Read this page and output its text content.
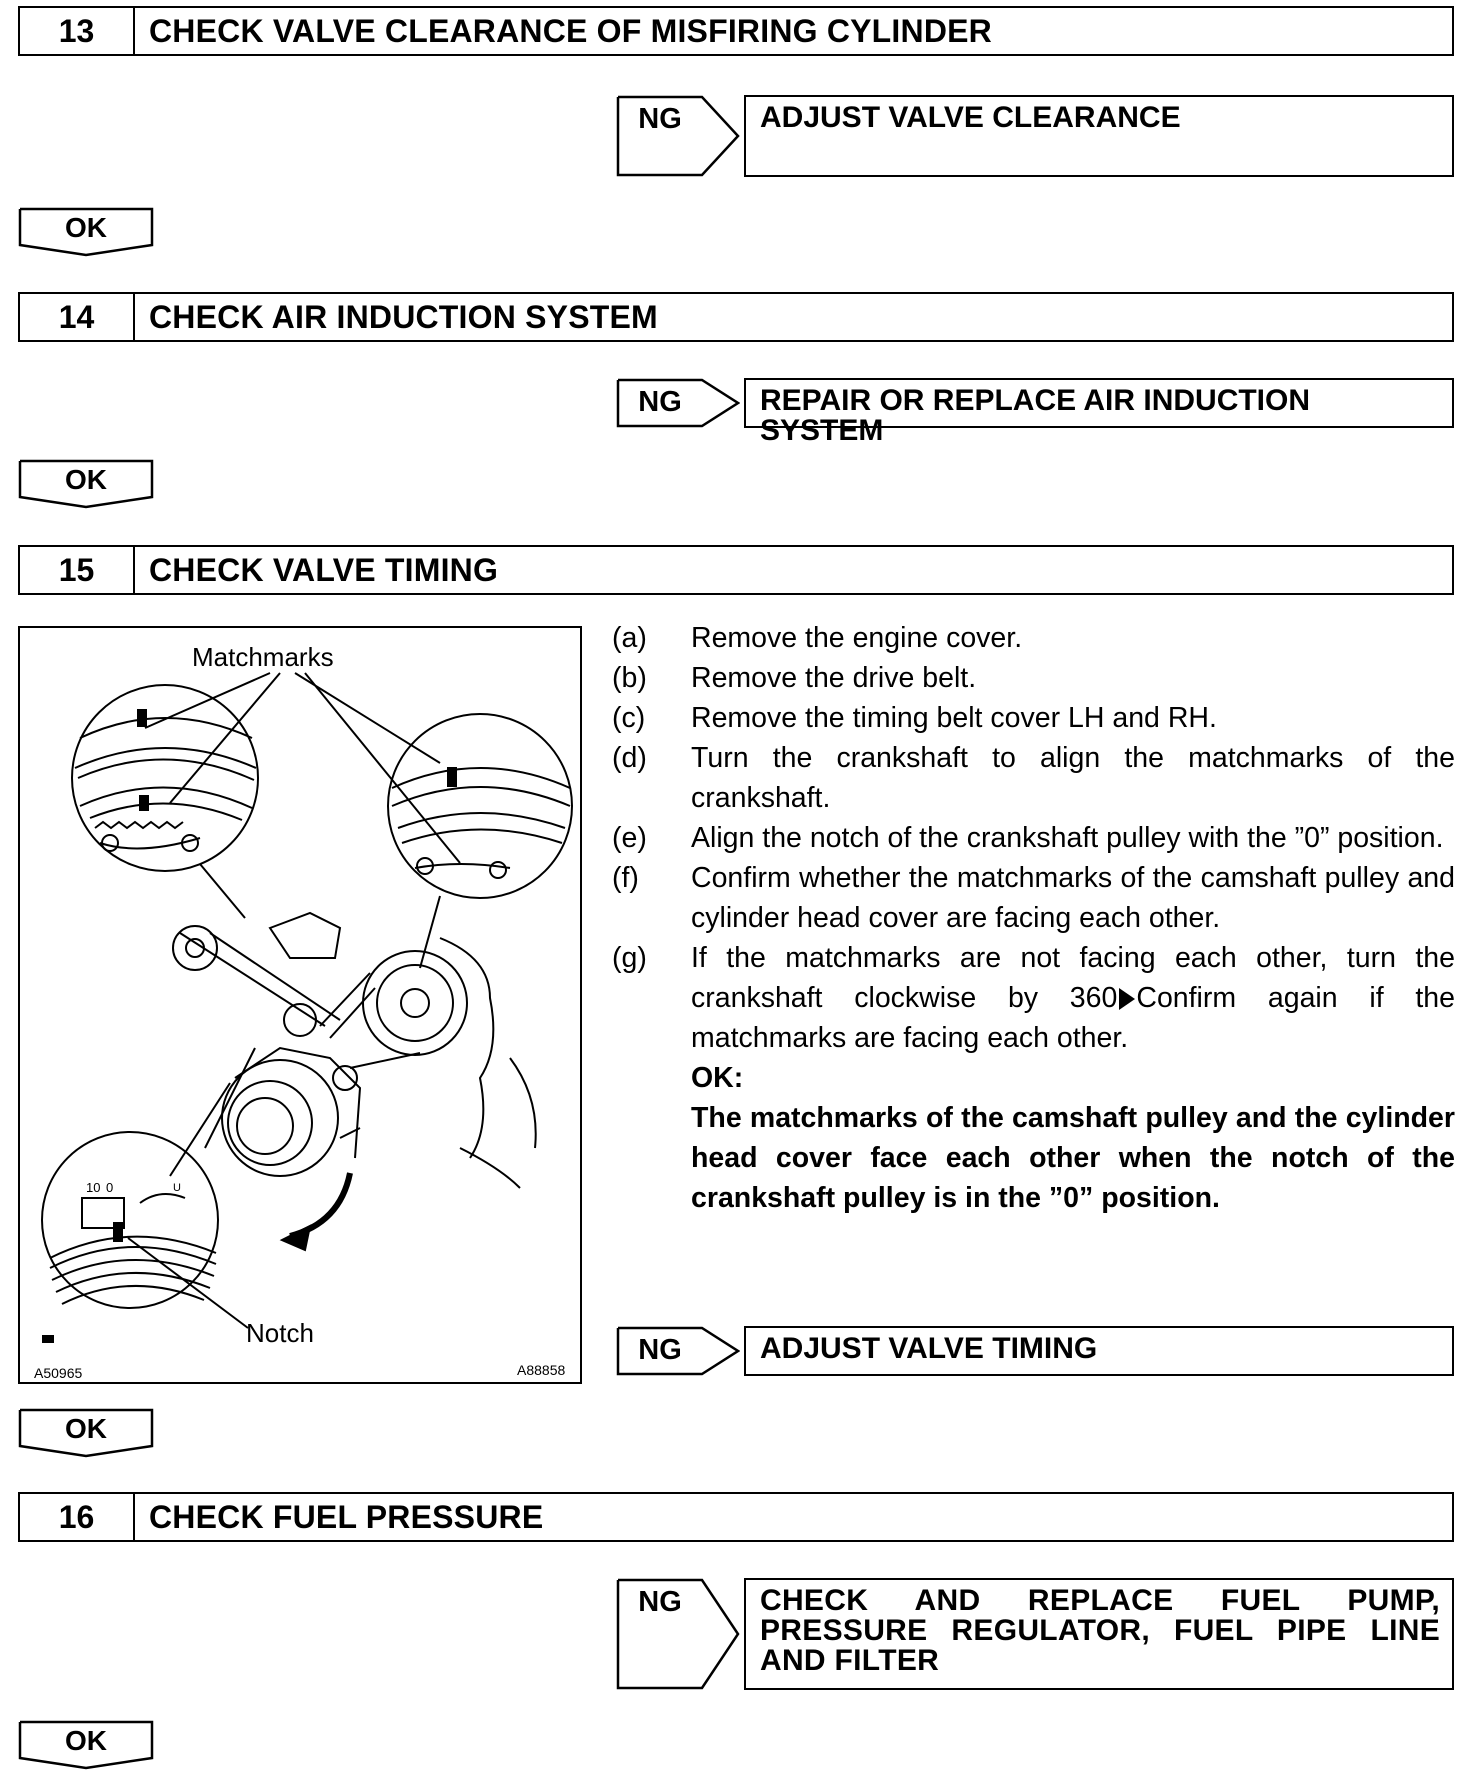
13	CHECK VALVE CLEARANCE OF MISFIRING CYLINDER
NG	ADJUST VALVE CLEARANCE
OK
14	CHECK AIR INDUCTION SYSTEM
NG	REPAIR OR REPLACE AIR INDUCTION SYSTEM
OK
15	CHECK VALVE TIMING
Matchmarks
Notch
A50965	A88858
10 0	U
(a)	Remove the engine cover.
(b)	Remove the drive belt.
(c)	Remove the timing belt cover LH and RH.
(d)	Turn the crankshaft to align the matchmarks of the crankshaft.
(e)	Align the notch of the crankshaft pulley with the ”0” position.
(f)	Confirm whether the matchmarks of the camshaft pulley and cylinder head cover are facing each other.
(g)	If the matchmarks are not facing each other, turn the crankshaft clockwise by 360 Confirm again if the matchmarks are facing each other.
OK:
The matchmarks of the camshaft pulley and the cylinder head cover face each other when the notch of the crankshaft pulley is in the ”0” position.
NG	ADJUST VALVE TIMING
OK
16	CHECK FUEL PRESSURE
NG	CHECK AND REPLACE FUEL PUMP, PRESSURE REGULATOR, FUEL PIPE LINE AND FILTER
OK
